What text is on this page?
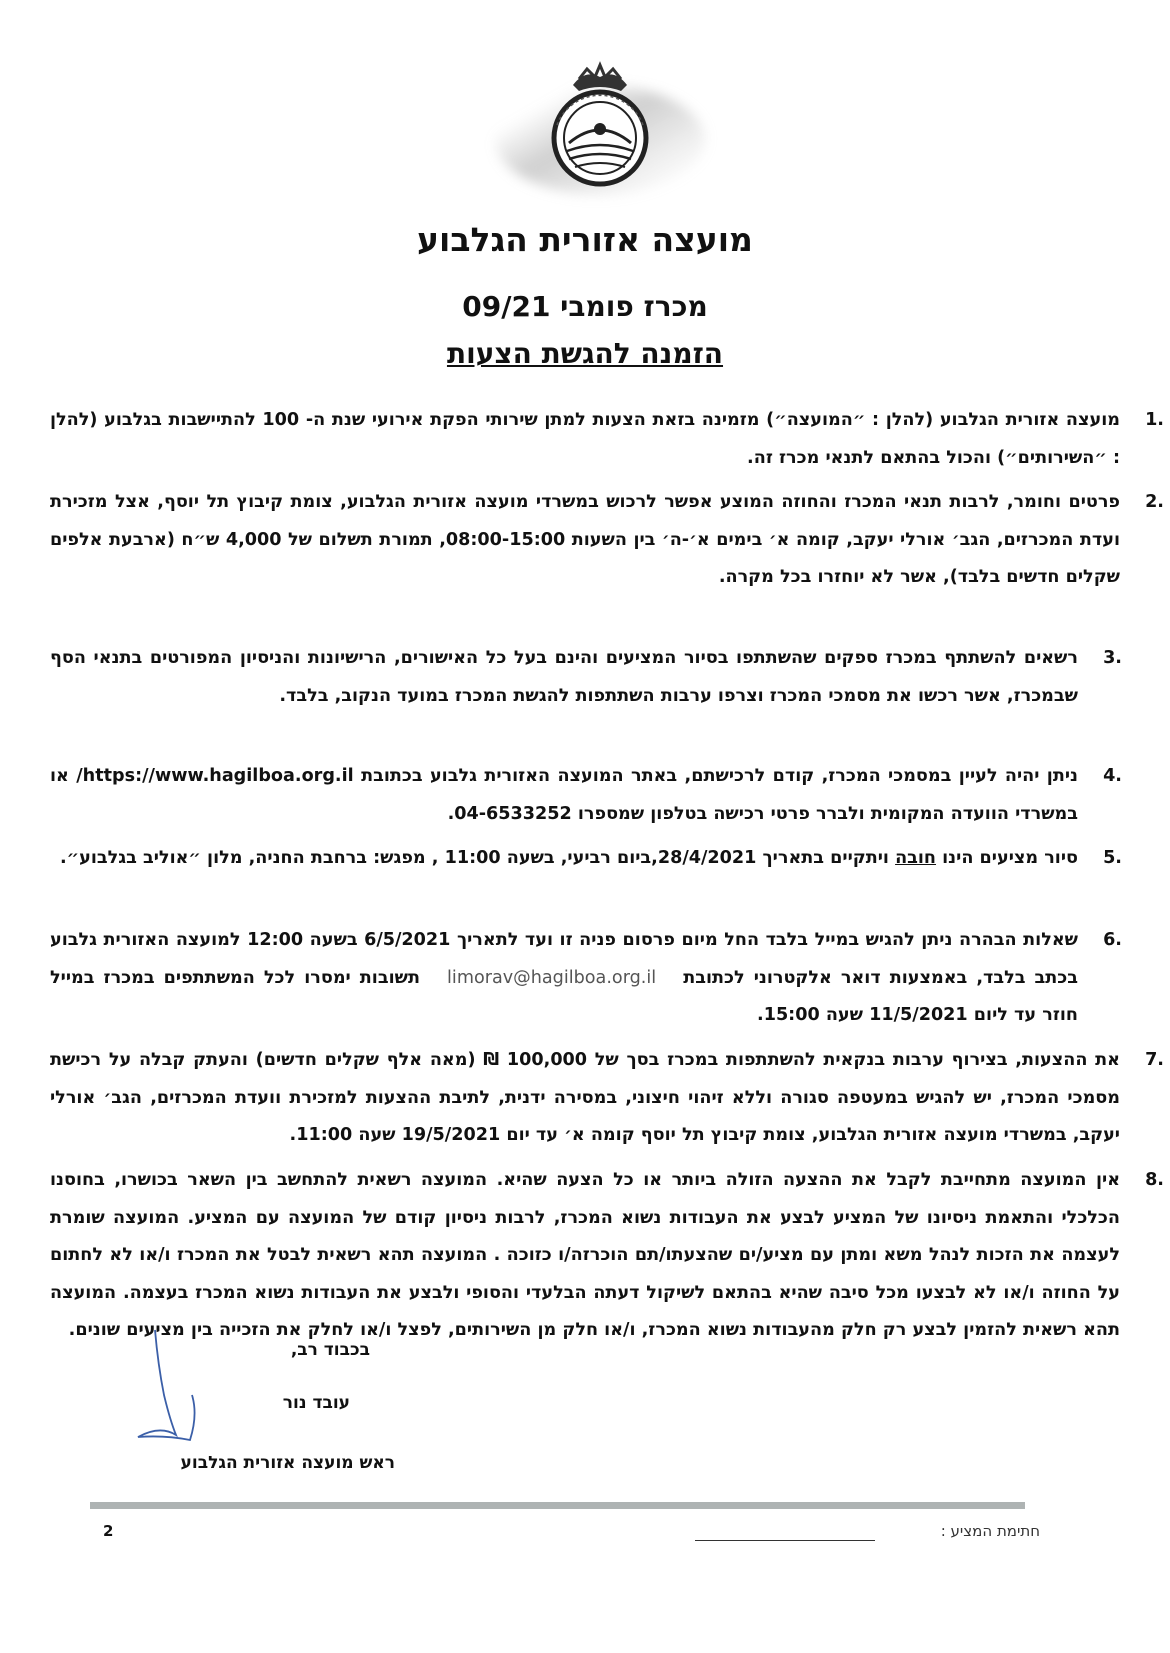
מועצה אזורית הגלבוע
מכרז פומבי 09/21
הזמנה להגשת הצעות
1.
מועצה אזורית הגלבוע (להלן : ״המועצה״) מזמינה בזאת הצעות למתן שירותי הפקת אירועי שנת ה- 100 להתיישבות בגלבוע (להלן : ״השירותים״) והכול בהתאם לתנאי מכרז זה.
2.
פרטים וחומר, לרבות תנאי המכרז והחוזה המוצע אפשר לרכוש במשרדי מועצה אזורית הגלבוע, צומת קיבוץ תל יוסף, אצל מזכירת ועדת המכרזים, הגב׳ אורלי יעקב, קומה א׳ בימים א׳-ה׳ בין השעות 08:00-15:00, תמורת תשלום של 4,000 ש״ח (ארבעת אלפים שקלים חדשים בלבד), אשר לא יוחזרו בכל מקרה.
3.
רשאים להשתתף במכרז ספקים שהשתתפו בסיור המציעים והינם בעל כל האישורים, הרישיונות והניסיון המפורטים בתנאי הסף שבמכרז, אשר רכשו את מסמכי המכרז וצרפו ערבות השתתפות להגשת המכרז במועד הנקוב, בלבד.
4.
ניתן יהיה לעיין במסמכי המכרז, קודם לרכישתם, באתר המועצה האזורית גלבוע בכתובת https://www.hagilboa.org.il/ או במשרדי הוועדה המקומית ולברר פרטי רכישה בטלפון שמספרו 04-6533252.
5.
סיור מציעים הינו חובה ויתקיים בתאריך 28/4/2021,ביום רביעי, בשעה 11:00 , מפגש: ברחבת החניה, מלון ״אוליב בגלבוע״.
6.
שאלות הבהרה ניתן להגיש במייל בלבד החל מיום פרסום פניה זו ועד לתאריך 6/5/2021 בשעה 12:00 למועצה האזורית גלבוע בכתב בלבד, באמצעות דואר אלקטרוני לכתובת limorav@hagilboa.org.il תשובות ימסרו לכל המשתתפים במכרז במייל חוזר עד ליום 11/5/2021 שעה 15:00.
7.
את ההצעות, בצירוף ערבות בנקאית להשתתפות במכרז בסך של 100,000 ₪ (מאה אלף שקלים חדשים) והעתק קבלה על רכישת מסמכי המכרז, יש להגיש במעטפה סגורה וללא זיהוי חיצוני, במסירה ידנית, לתיבת ההצעות למזכירת וועדת המכרזים, הגב׳ אורלי יעקב, במשרדי מועצה אזורית הגלבוע, צומת קיבוץ תל יוסף קומה א׳ עד יום 19/5/2021 שעה 11:00.
8.
אין המועצה מתחייבת לקבל את ההצעה הזולה ביותר או כל הצעה שהיא. המועצה רשאית להתחשב בין השאר בכושרו, בחוסנו הכלכלי והתאמת ניסיונו של המציע לבצע את העבודות נשוא המכרז, לרבות ניסיון קודם של המועצה עם המציע. המועצה שומרת לעצמה את הזכות לנהל משא ומתן עם מציע/ים שהצעתו/תם הוכרזה/ו כזוכה . המועצה תהא רשאית לבטל את המכרז ו/או לא לחתום על החוזה ו/או לא לבצעו מכל סיבה שהיא בהתאם לשיקול דעתה הבלעדי והסופי ולבצע את העבודות נשוא המכרז בעצמה. המועצה תהא רשאית להזמין לבצע רק חלק מהעבודות נשוא המכרז, ו/או חלק מן השירותים, לפצל ו/או לחלק את הזכייה בין מציעים שונים.
בכבוד רב,
עובד נור
ראש מועצה אזורית הגלבוע
חתימת המציע :
2
